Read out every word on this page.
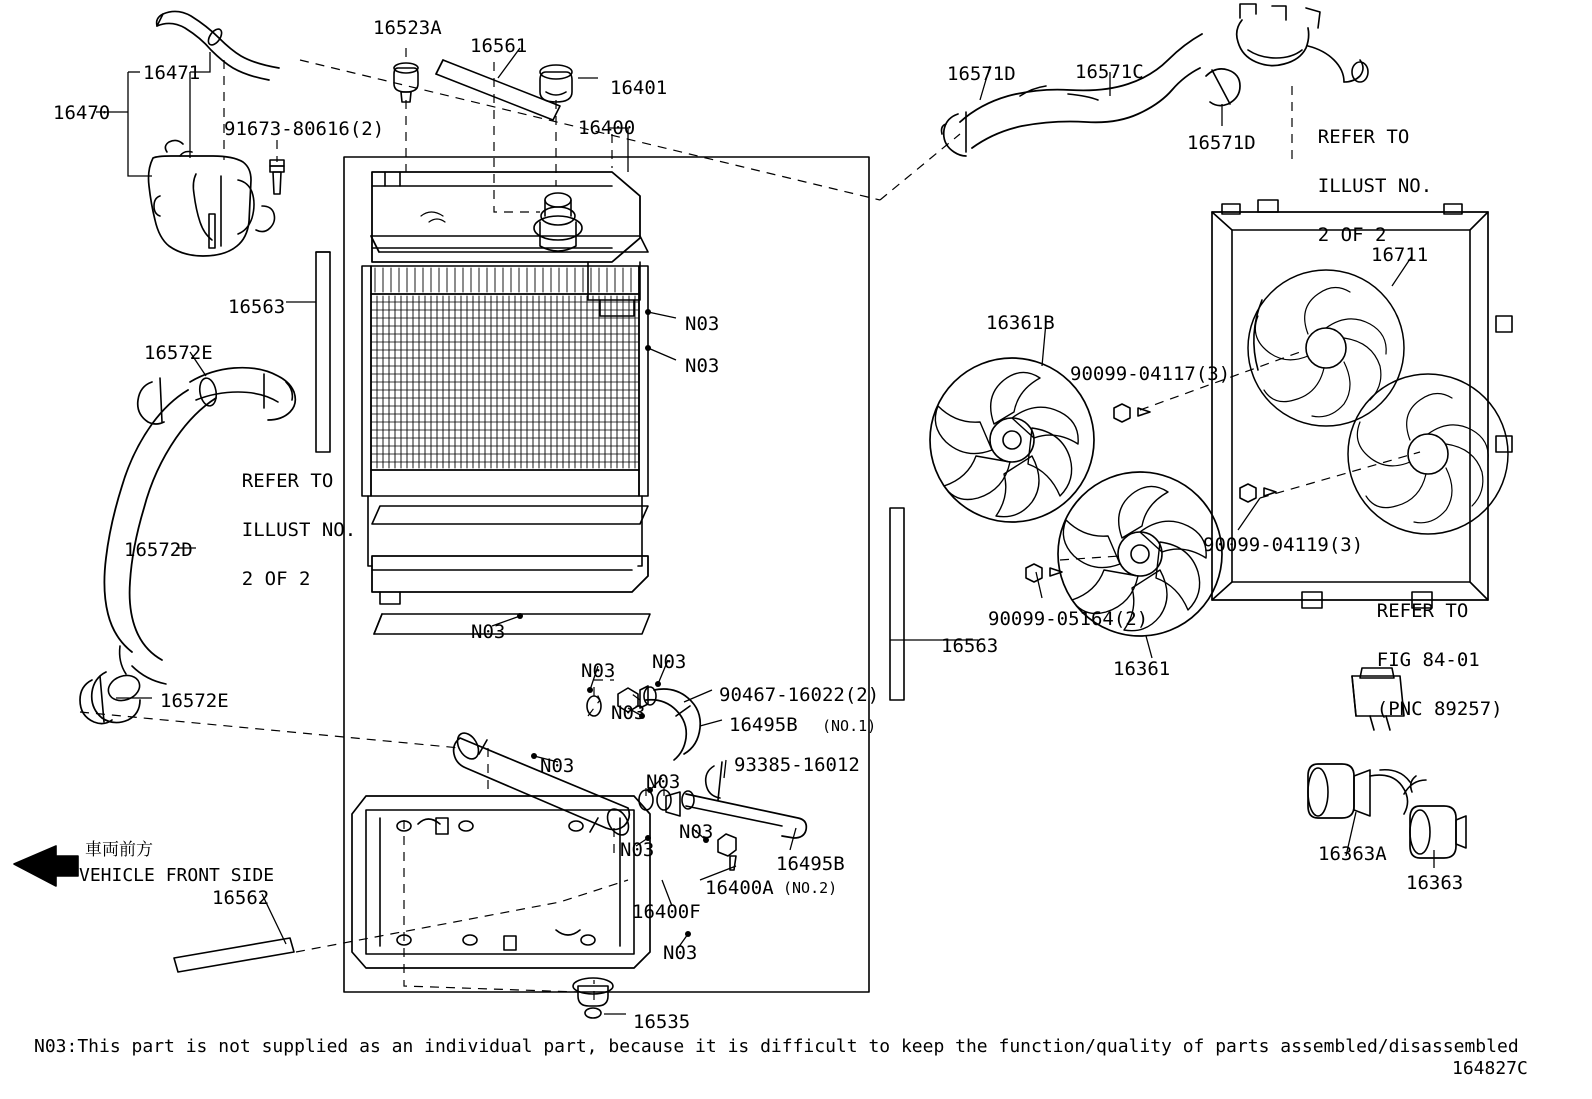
16523A
16561
16401
16400
16471
16470
91673-80616(2)
16571D	16571C
16571D
16711
16563
16572E
16572D
16572E
16361B
90099-04117(3)
90099-04119(3)
90099-05164(2)
16361
16563
90467-16022(2)
16495B (NO.1)
93385-16012
16495B
(NO.2)
16400A
16400F
16562
16535
16363A
16363
N03
N03
N03
N03 N03
N03
N03
N03
N03
N03
N03

REFER TO

ILLUST NO.

2 OF 2

REFER TO

ILLUST NO.

2 OF 2

REFER TO

FIG 84-01

(PNC 89257)

車両前方
VEHICLE FRONT SIDE
N03:This part is not supplied as an individual part, because it is difficult to keep the function/quality of parts assembled/disassembled
164827C
